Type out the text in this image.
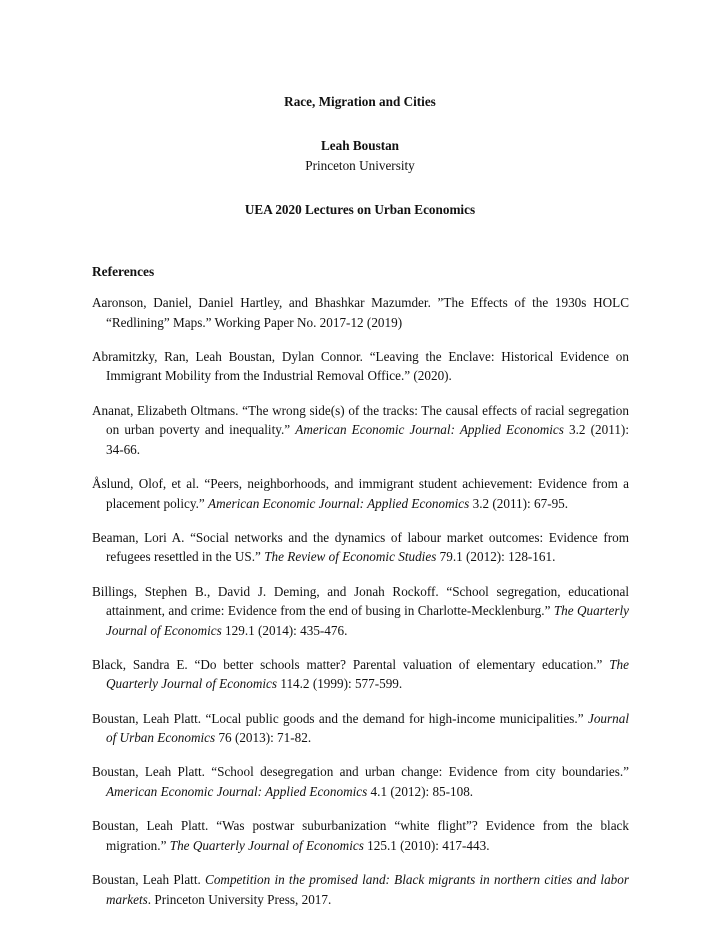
Race, Migration and Cities
Leah Boustan
Princeton University
UEA 2020 Lectures on Urban Economics
References

Aaronson, Daniel, Daniel Hartley, and Bhashkar Mazumder. ”The Effects of the 1930s HOLC “Redlining” Maps.” Working Paper No. 2017-12 (2019)

Abramitzky, Ran, Leah Boustan, Dylan Connor. “Leaving the Enclave: Historical Evidence on Immigrant Mobility from the Industrial Removal Office.” (2020).

Ananat, Elizabeth Oltmans. “The wrong side(s) of the tracks: The causal effects of racial segregation on urban poverty and inequality.” American Economic Journal: Applied Economics 3.2 (2011): 34-66.

Åslund, Olof, et al. “Peers, neighborhoods, and immigrant student achievement: Evidence from a placement policy.” American Economic Journal: Applied Economics 3.2 (2011): 67-95.

Beaman, Lori A. “Social networks and the dynamics of labour market outcomes: Evidence from refugees resettled in the US.” The Review of Economic Studies 79.1 (2012): 128-161.

Billings, Stephen B., David J. Deming, and Jonah Rockoff. “School segregation, educational attainment, and crime: Evidence from the end of busing in Charlotte-Mecklenburg.” The Quarterly Journal of Economics 129.1 (2014): 435-476.

Black, Sandra E. “Do better schools matter? Parental valuation of elementary education.” The Quarterly Journal of Economics 114.2 (1999): 577-599.

Boustan, Leah Platt. “Local public goods and the demand for high-income municipalities.” Journal of Urban Economics 76 (2013): 71-82.

Boustan, Leah Platt. “School desegregation and urban change: Evidence from city boundaries.” American Economic Journal: Applied Economics 4.1 (2012): 85-108.

Boustan, Leah Platt. “Was postwar suburbanization “white flight”? Evidence from the black migration.” The Quarterly Journal of Economics 125.1 (2010): 417-443.

Boustan, Leah Platt. Competition in the promised land: Black migrants in northern cities and labor markets. Princeton University Press, 2017.
